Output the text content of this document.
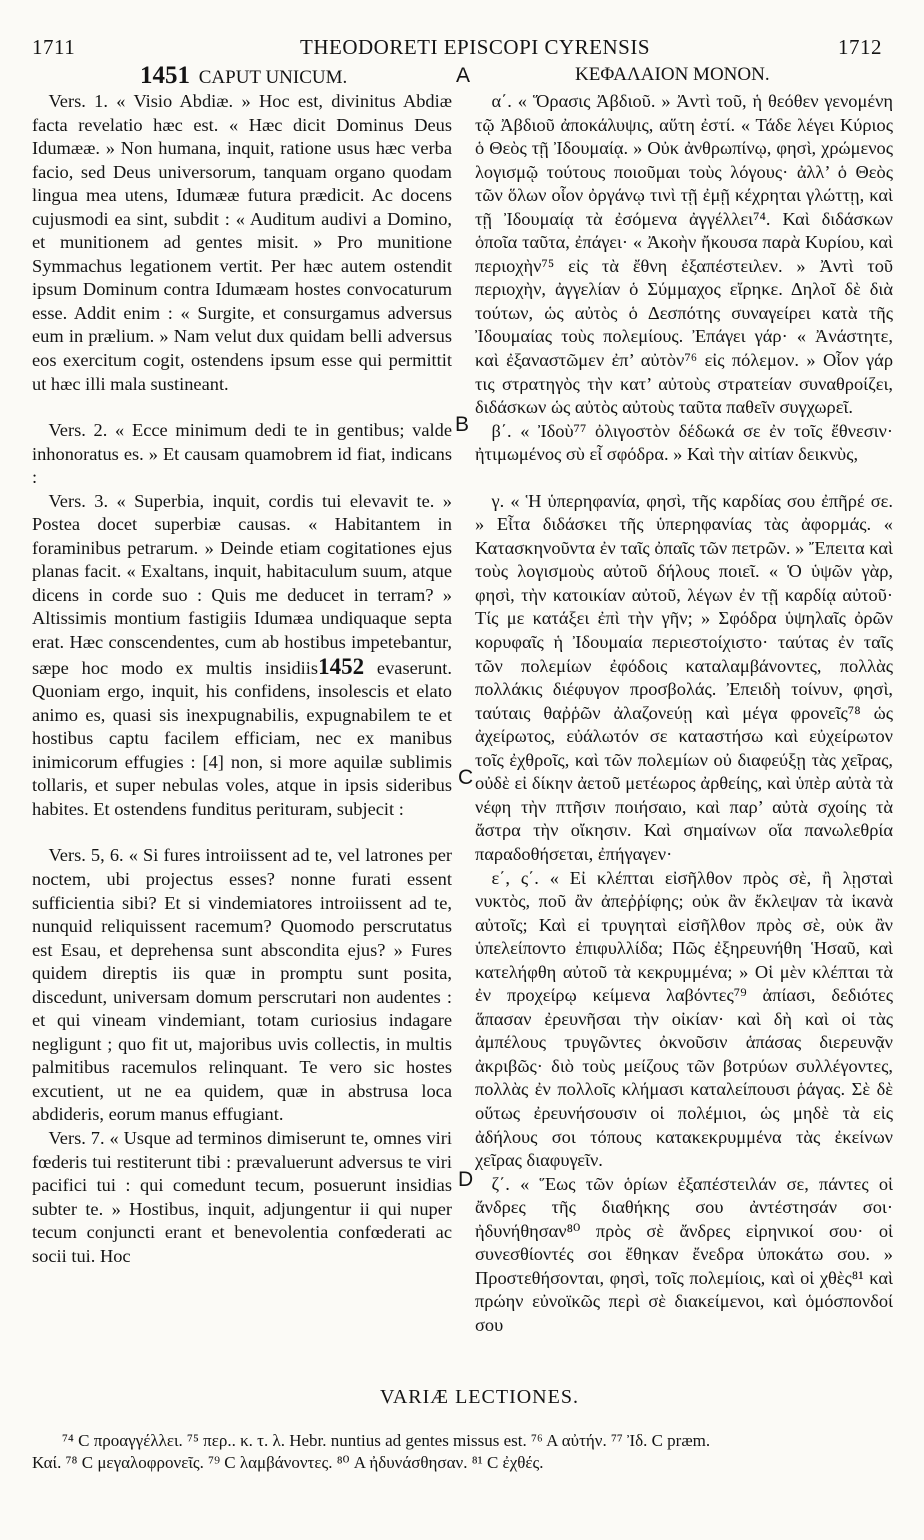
1711	THEODORETI EPISCOPI CYRENSIS	1712
1451 CAPUT UNICUM.	ΚΕΦΑΛΑΙΟΝ ΜΟΝΟΝ.
A
B
C
D

Vers. 1. « Visio Abdiæ. » Hoc est, divinitus Abdiæ facta revelatio hæc est. « Hæc dicit Dominus Deus Idumææ. » Non humana, inquit, ratione usus hæc verba facio, sed Deus universorum, tanquam organo quodam lingua mea utens, Idumææ futura prædicit. Ac docens cujusmodi ea sint, subdit : « Auditum audivi a Domino, et munitionem ad gentes misit. » Pro munitione Symmachus legationem vertit. Per hæc autem ostendit ipsum Dominum contra Idumæam hostes convocaturum esse. Addit enim : « Surgite, et consurgamus adversus eum in prælium. » Nam velut dux quidam belli adversus eos exercitum cogit, ostendens ipsum esse qui permittit ut hæc illi mala sustineant.

Vers. 2. « Ecce minimum dedi te in gentibus; valde inhonoratus es. » Et causam quamobrem id fiat, indicans :

Vers. 3. « Superbia, inquit, cordis tui elevavit te. » Postea docet superbiæ causas. « Habitantem in foraminibus petrarum. » Deinde etiam cogitationes ejus planas facit. « Exaltans, inquit, habitaculum suum, atque dicens in corde suo : Quis me deducet in terram? » Altissimis montium fastigiis Idumæa undiquaque septa erat. Hæc conscendentes, cum ab hostibus impetebantur, sæpe hoc modo ex multis insidiis1452 evaserunt. Quoniam ergo, inquit, his confidens, insolescis et elato animo es, quasi sis inexpugnabilis, expugnabilem te et hostibus captu facilem efficiam, nec ex manibus inimicorum effugies : [4] non, si more aquilæ sublimis tollaris, et super nebulas voles, atque in ipsis sideribus habites. Et ostendens funditus perituram, subjecit :

Vers. 5, 6. « Si fures introiissent ad te, vel latrones per noctem, ubi projectus esses? nonne furati essent sufficientia sibi? Et si vindemiatores introiissent ad te, nunquid reliquissent racemum? Quomodo perscrutatus est Esau, et deprehensa sunt abscondita ejus? » Fures quidem direptis iis quæ in promptu sunt posita, discedunt, universam domum perscrutari non audentes : et qui vineam vindemiant, totam curiosius indagare negligunt ; quo fit ut, majoribus uvis collectis, in multis palmitibus racemulos relinquant. Te vero sic hostes excutient, ut ne ea quidem, quæ in abstrusa loca abdideris, eorum manus effugiant.

Vers. 7. « Usque ad terminos dimiserunt te, omnes viri fœderis tui restiterunt tibi : prævaluerunt adversus te viri pacifici tui : qui comedunt tecum, posuerunt insidias subter te. » Hostibus, inquit, adjungentur ii qui nuper tecum conjuncti erant et benevolentia confœderati ac socii tui. Hoc

α΄. « Ὅρασις Ἀβδιοῦ. » Ἀντὶ τοῦ, ἡ θεόθεν γενομένη τῷ Ἀβδιοῦ ἀποκάλυψις, αὕτη ἐστί. « Τάδε λέγει Κύριος ὁ Θεὸς τῇ Ἰδουμαίᾳ. » Οὐκ ἀνθρωπίνῳ, φησὶ, χρώμενος λογισμῷ τούτους ποιοῦμαι τοὺς λόγους· ἀλλ’ ὁ Θεὸς τῶν ὅλων οἷον ὀργάνῳ τινὶ τῇ ἐμῇ κέχρηται γλώττῃ, καὶ τῇ Ἰδουμαίᾳ τὰ ἐσόμενα ἀγγέλλει⁷⁴. Καὶ διδάσκων ὁποῖα ταῦτα, ἐπάγει· « Ἀκοὴν ἤκουσα παρὰ Κυρίου, καὶ περιοχὴν⁷⁵ εἰς τὰ ἔθνη ἐξαπέστειλεν. » Ἀντὶ τοῦ περιοχὴν, ἀγγελίαν ὁ Σύμμαχος εἴρηκε. Δηλοῖ δὲ διὰ τούτων, ὡς αὐτὸς ὁ Δεσπότης συναγείρει κατὰ τῆς Ἰδουμαίας τοὺς πολεμίους. Ἐπάγει γάρ· « Ἀνάστητε, καὶ ἐξαναστῶμεν ἐπ’ αὐτὸν⁷⁶ εἰς πόλεμον. » Οἷον γάρ τις στρατηγὸς τὴν κατ’ αὐτοὺς στρατείαν συναθροίζει, διδάσκων ὡς αὐτὸς αὐτοὺς ταῦτα παθεῖν συγχωρεῖ.

β΄. « Ἰδοὺ⁷⁷ ὀλιγοστὸν δέδωκά σε ἐν τοῖς ἔθνεσιν· ἠτιμωμένος σὺ εἶ σφόδρα. » Καὶ τὴν αἰτίαν δεικνὺς,

γ. « Ἡ ὑπερηφανία, φησὶ, τῆς καρδίας σου ἐπῆρέ σε. » Εἶτα διδάσκει τῆς ὑπερηφανίας τὰς ἀφορμάς. « Κατασκηνοῦντα ἐν ταῖς ὀπαῖς τῶν πετρῶν. » Ἔπειτα καὶ τοὺς λογισμοὺς αὐτοῦ δήλους ποιεῖ. « Ὁ ὑψῶν γὰρ, φησὶ, τὴν κατοικίαν αὐτοῦ, λέγων ἐν τῇ καρδίᾳ αὐτοῦ· Τίς με κατάξει ἐπὶ τὴν γῆν; » Σφόδρα ὑψηλαῖς ὀρῶν κορυφαῖς ἡ Ἰδουμαία περιεστοίχιστο· ταύτας ἐν ταῖς τῶν πολεμίων ἐφόδοις καταλαμβάνοντες, πολλὰς πολλάκις διέφυγον προσβολάς. Ἐπειδὴ τοίνυν, φησὶ, ταύταις θαῤῥῶν ἀλαζονεύῃ καὶ μέγα φρονεῖς⁷⁸ ὡς ἀχείρωτος, εὐάλωτόν σε καταστήσω καὶ εὐχείρωτον τοῖς ἐχθροῖς, καὶ τῶν πολεμίων οὐ διαφεύξῃ τὰς χεῖρας, οὐδὲ εἰ δίκην ἀετοῦ μετέωρος ἀρθείης, καὶ ὑπὲρ αὐτὰ τὰ νέφη τὴν πτῆσιν ποιήσαιο, καὶ παρ’ αὐτὰ σχοίης τὰ ἄστρα τὴν οἴκησιν. Καὶ σημαίνων οἵα πανωλεθρία παραδοθήσεται, ἐπήγαγεν·

ε΄, ς΄. « Εἰ κλέπται εἰσῆλθον πρὸς σὲ, ἢ λῃσταὶ νυκτὸς, ποῦ ἂν ἀπεῤῥίφης; οὐκ ἂν ἔκλεψαν τὰ ἱκανὰ αὐτοῖς; Καὶ εἰ τρυγηταὶ εἰσῆλθον πρὸς σὲ, οὐκ ἂν ὑπελείποντο ἐπιφυλλίδα; Πῶς ἐξηρευνήθη Ἡσαῦ, καὶ κατελήφθη αὐτοῦ τὰ κεκρυμμένα; » Οἱ μὲν κλέπται τὰ ἐν προχείρῳ κείμενα λαβόντες⁷⁹ ἀπίασι, δεδιότες ἅπασαν ἐρευνῆσαι τὴν οἰκίαν· καὶ δὴ καὶ οἱ τὰς ἀμπέλους τρυγῶντες ὀκνοῦσιν ἁπάσας διερευνᾷν ἀκριβῶς· διὸ τοὺς μείζους τῶν βοτρύων συλλέγοντες, πολλὰς ἐν πολλοῖς κλήμασι καταλείπουσι ῥάγας. Σὲ δὲ οὕτως ἐρευνήσουσιν οἱ πολέμιοι, ὡς μηδὲ τὰ εἰς ἀδήλους σοι τόπους κατακεκρυμμένα τὰς ἐκείνων χεῖρας διαφυγεῖν.

ζ΄. « Ἕως τῶν ὁρίων ἐξαπέστειλάν σε, πάντες οἱ ἄνδρες τῆς διαθήκης σου ἀντέστησάν σοι· ἠδυνήθησαν⁸⁰ πρὸς σὲ ἄνδρες εἰρηνικοί σου· οἱ συνεσθίοντές σοι ἔθηκαν ἔνεδρα ὑποκάτω σου. » Προστεθήσονται, φησὶ, τοῖς πολεμίοις, καὶ οἱ χθὲς⁸¹ καὶ πρώην εὐνοϊκῶς περὶ σὲ διακείμενοι, καὶ ὁμόσπονδοί σου

VARIÆ LECTIONES.
⁷⁴ C προαγγέλλει. ⁷⁵ περ.. κ. τ. λ. Hebr. nuntius ad gentes missus est. ⁷⁶ A αὐτήν. ⁷⁷ Ἰδ. C præm.
Καί. ⁷⁸ C μεγαλοφρονεῖς. ⁷⁹ C λαμβάνοντες. ⁸⁰ A ἠδυνάσθησαν. ⁸¹ C ἐχθές.
